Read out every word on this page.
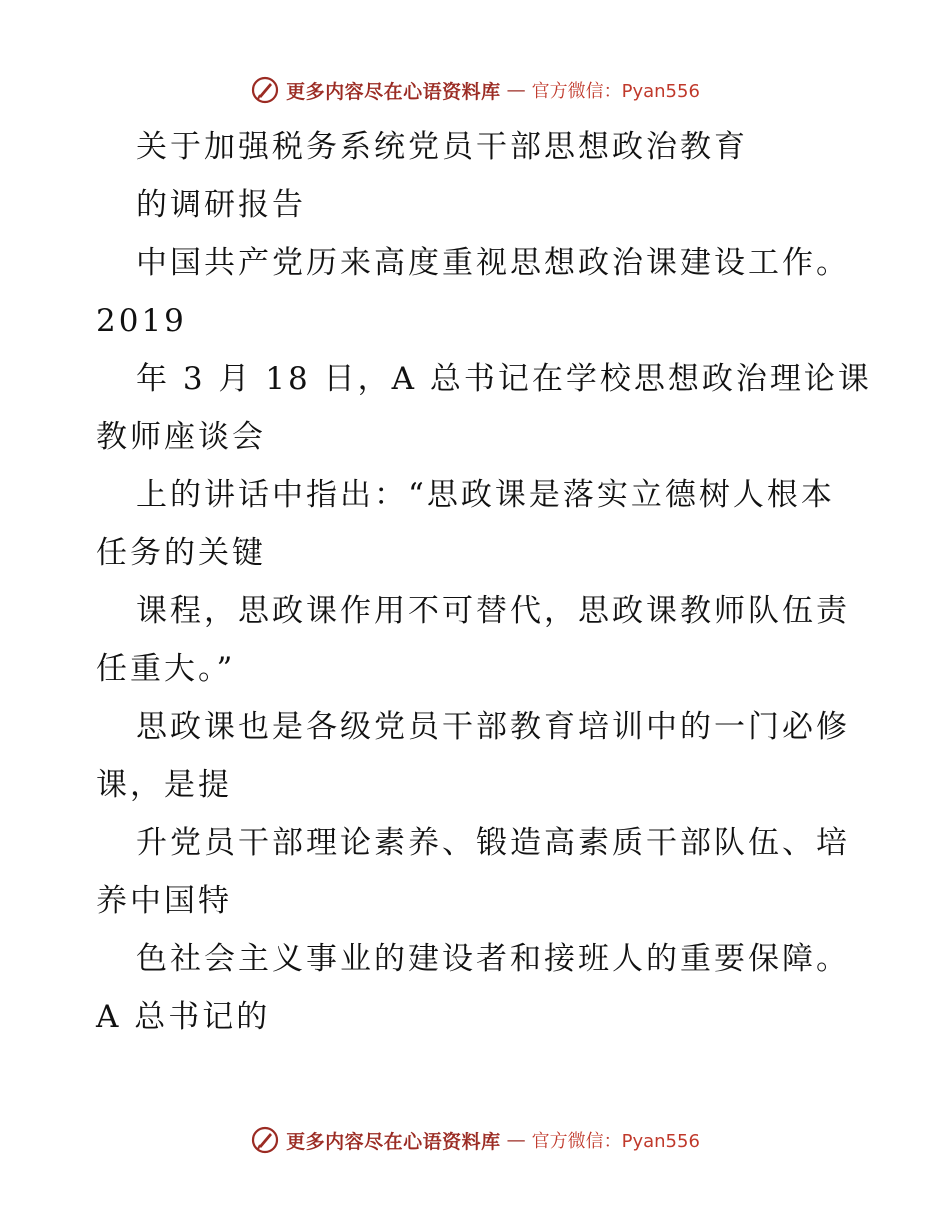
更多内容尽在心语资料库 — 官方微信：Pyan556
关于加强税务系统党员干部思想政治教育
的调研报告
中国共产党历来高度重视思想政治课建设工作。
2019
年 3 月 18 日，A 总书记在学校思想政治理论课
教师座谈会
上的讲话中指出：“思政课是落实立德树人根本
任务的关键
课程，思政课作用不可替代，思政课教师队伍责
任重大。”
思政课也是各级党员干部教育培训中的一门必修
课，是提
升党员干部理论素养、锻造高素质干部队伍、培
养中国特
色社会主义事业的建设者和接班人的重要保障。
A 总书记的
更多内容尽在心语资料库 — 官方微信：Pyan556
